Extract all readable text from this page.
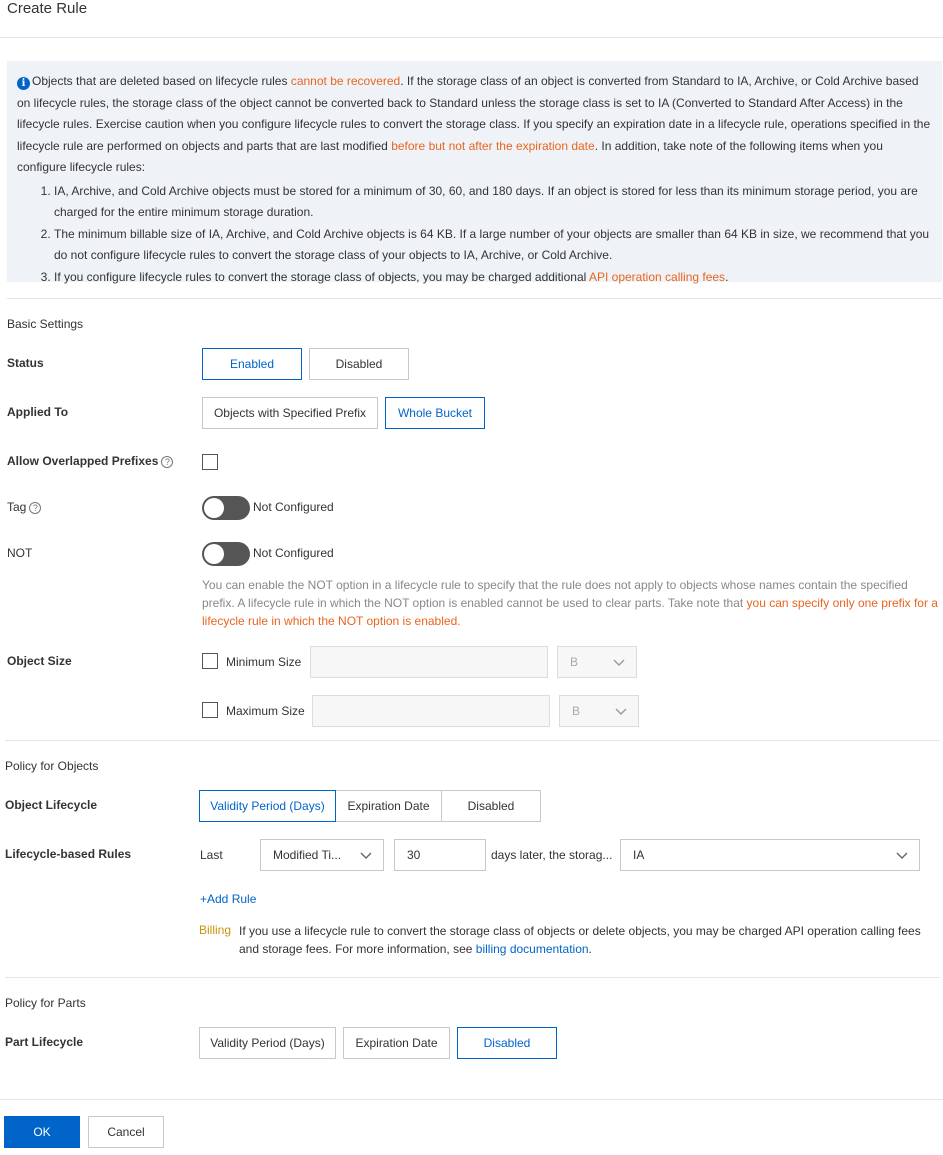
Create Rule
i Objects that are deleted based on lifecycle rules cannot be recovered. If the storage class of an object is converted from Standard to IA, Archive, or Cold Archive based on lifecycle rules, the storage class of the object cannot be converted back to Standard unless the storage class is set to IA (Converted to Standard After Access) in the lifecycle rules. Exercise caution when you configure lifecycle rules to convert the storage class. If you specify an expiration date in a lifecycle rule, operations specified in the lifecycle rule are performed on objects and parts that are last modified before but not after the expiration date. In addition, take note of the following items when you configure lifecycle rules:
1. IA, Archive, and Cold Archive objects must be stored for a minimum of 30, 60, and 180 days. If an object is stored for less than its minimum storage period, you are charged for the entire minimum storage duration.
2. The minimum billable size of IA, Archive, and Cold Archive objects is 64 KB. If a large number of your objects are smaller than 64 KB in size, we recommend that you do not configure lifecycle rules to convert the storage class of your objects to IA, Archive, or Cold Archive.
3. If you configure lifecycle rules to convert the storage class of objects, you may be charged additional API operation calling fees.
Basic Settings
Status	Enabled	Disabled
Applied To	Objects with Specified Prefix	Whole Bucket
Allow Overlapped Prefixes ?
Tag ?	Not Configured
NOT	Not Configured
You can enable the NOT option in a lifecycle rule to specify that the rule does not apply to objects whose names contain the specified prefix. A lifecycle rule in which the NOT option is enabled cannot be used to clear parts. Take note that you can specify only one prefix for a lifecycle rule in which the NOT option is enabled.
Object Size	Minimum Size	B
Maximum Size	B
Policy for Objects
Object Lifecycle	Validity Period (Days)	Expiration Date	Disabled
Lifecycle-based Rules	Last	Modified Ti...	30	days later, the storag... IA
+Add Rule
Billing If you use a lifecycle rule to convert the storage class of objects or delete objects, you may be charged API operation calling fees and storage fees. For more information, see billing documentation.
Policy for Parts
Part Lifecycle	Validity Period (Days)	Expiration Date	Disabled
OK	Cancel
